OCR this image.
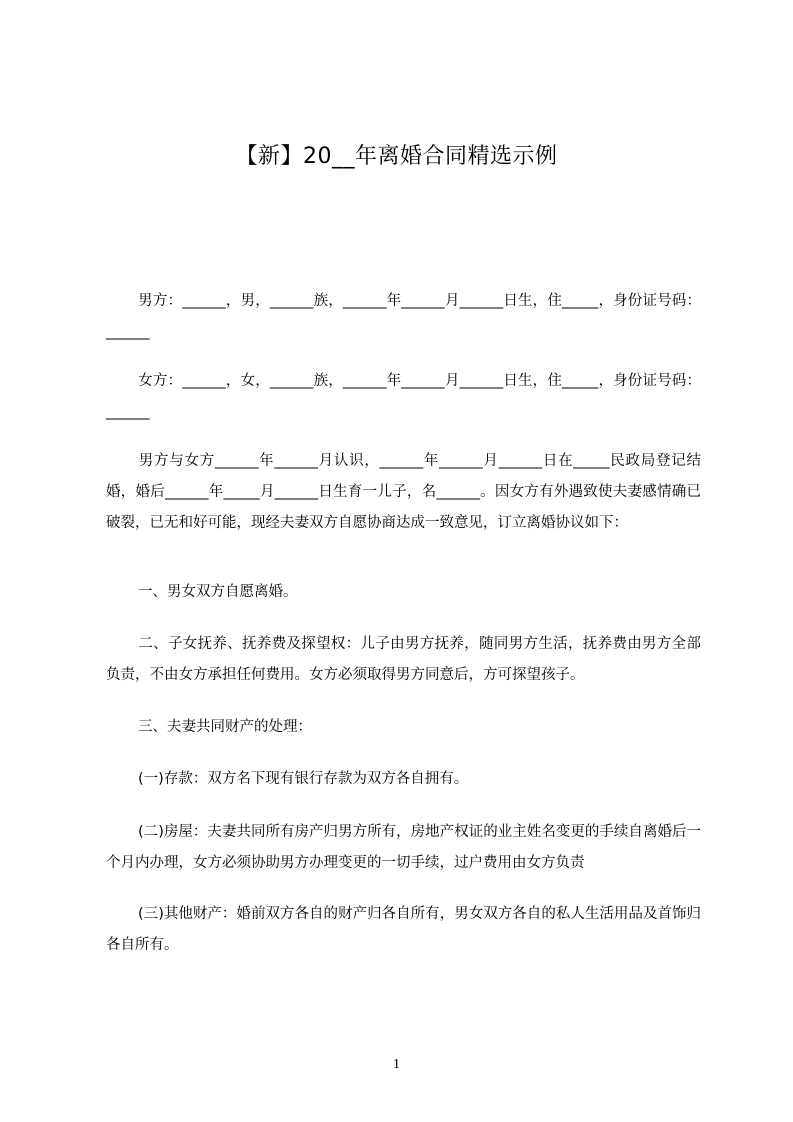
【新】20__年离婚合同精选示例
男方：______，男，______族，______年______月______日生，住_____，身份证号码：______
女方：______，女，______族，______年______月______日生，住_____，身份证号码：______
男方与女方______年______月认识，______年______月______日在_____民政局登记结婚，婚后______年_____月______日生育一儿子，名______。因女方有外遇致使夫妻感情确已破裂，已无和好可能，现经夫妻双方自愿协商达成一致意见，订立离婚协议如下：
一、男女双方自愿离婚。
二、子女抚养、抚养费及探望权：儿子由男方抚养，随同男方生活，抚养费由男方全部负责，不由女方承担任何费用。女方必须取得男方同意后，方可探望孩子。
三、夫妻共同财产的处理：
(一)存款：双方名下现有银行存款为双方各自拥有。
(二)房屋：夫妻共同所有房产归男方所有，房地产权证的业主姓名变更的手续自离婚后一个月内办理，女方必须协助男方办理变更的一切手续，过户费用由女方负责
(三)其他财产：婚前双方各自的财产归各自所有，男女双方各自的私人生活用品及首饰归各自所有。
1
